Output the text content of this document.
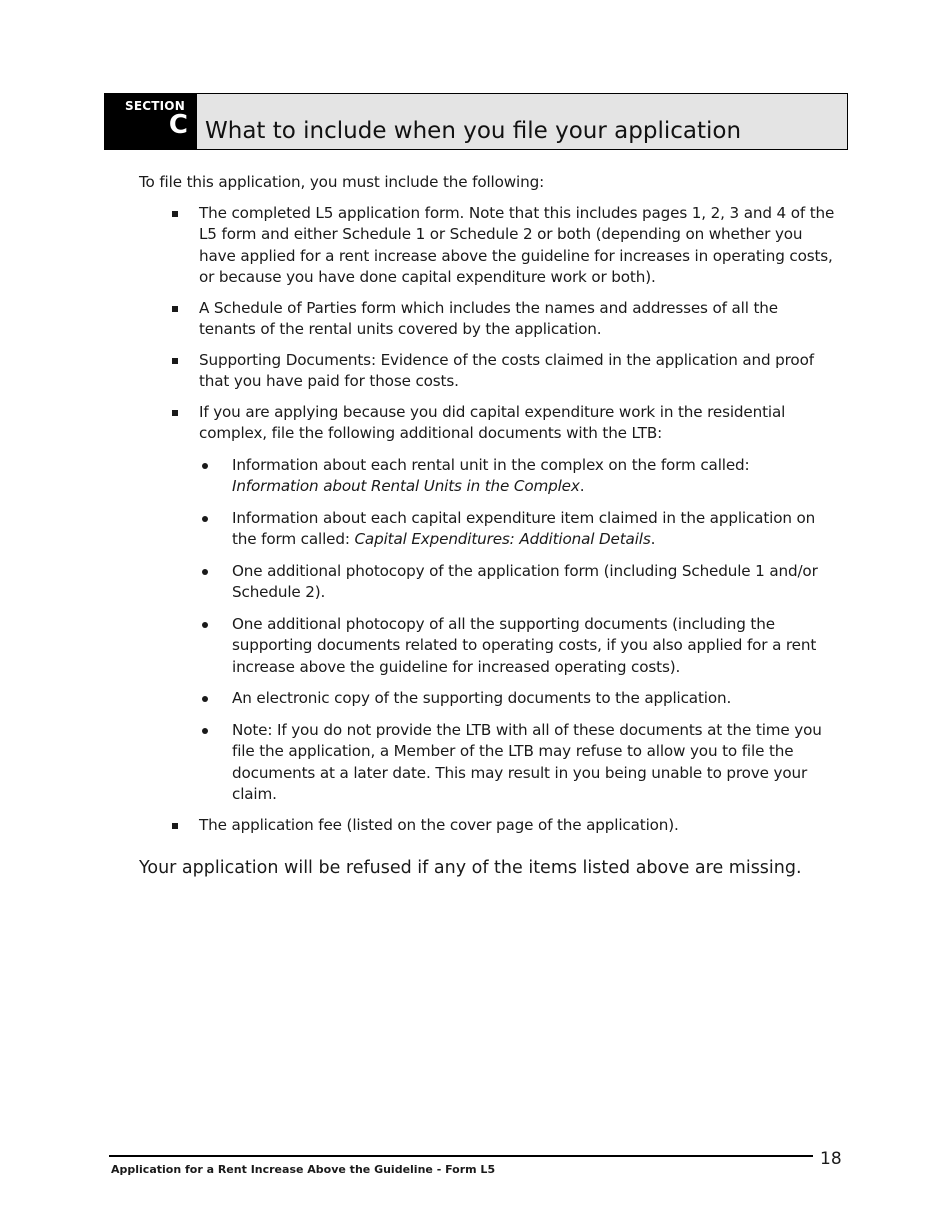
SECTION
C What to include when you file your application

To file this application, you must include the following:

The completed L5 application form. Note that this includes pages 1, 2, 3 and 4 of the L5 form and either Schedule 1 or Schedule 2 or both (depending on whether you have applied for a rent increase above the guideline for increases in operating costs, or because you have done capital expenditure work or both).
A Schedule of Parties form which includes the names and addresses of all the tenants of the rental units covered by the application.
Supporting Documents: Evidence of the costs claimed in the application and proof that you have paid for those costs.
If you are applying because you did capital expenditure work in the residential complex, file the following additional documents with the LTB:
Information about each rental unit in the complex on the form called: Information about Rental Units in the Complex.
Information about each capital expenditure item claimed in the application on the form called: Capital Expenditures: Additional Details.
One additional photocopy of the application form (including Schedule 1 and/or Schedule 2).
One additional photocopy of all the supporting documents (including the supporting documents related to operating costs, if you also applied for a rent increase above the guideline for increased operating costs).
An electronic copy of the supporting documents to the application.
Note: If you do not provide the LTB with all of these documents at the time you file the application, a Member of the LTB may refuse to allow you to file the documents at a later date. This may result in you being unable to prove your claim.
The application fee (listed on the cover page of the application).

Your application will be refused if any of the items listed above are missing.

Application for a Rent Increase Above the Guideline - Form L5
18
